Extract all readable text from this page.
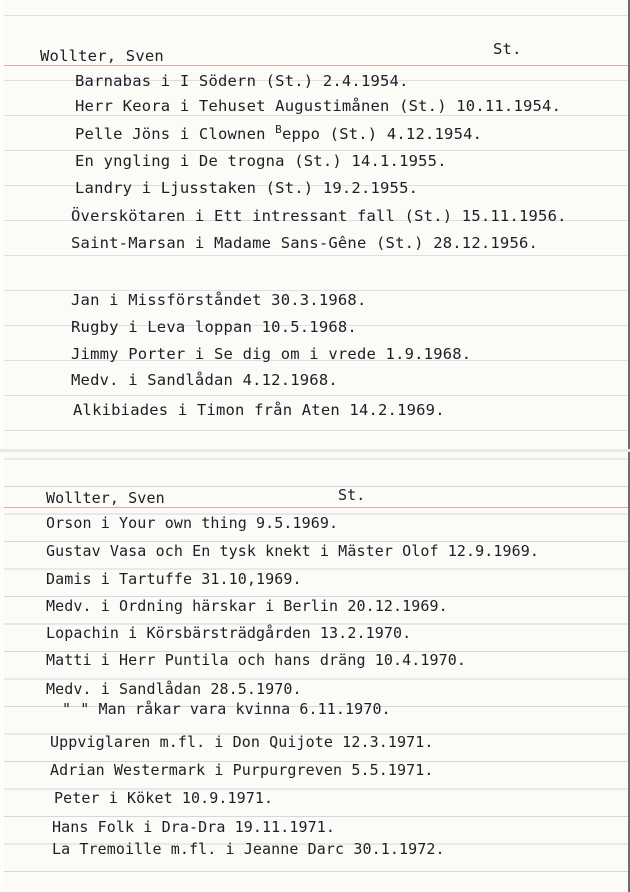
Wollter, Sven	St.
Barnabas i I Södern (St.) 2.4.1954.
Herr Keora i Tehuset Augustimånen (St.) 10.11.1954.
Pelle Jöns i Clownen $^B$eppo (St.) 4.12.1954.
En yngling i De trogna (St.) 14.1.1955.
Landry i Ljusstaken (St.) 19.2.1955.
Överskötaren i Ett intressant fall (St.) 15.11.1956.
Saint-Marsan i Madame Sans-Gêne (St.) 28.12.1956.
Jan i Missförståndet 30.3.1968.
Rugby i Leva loppan 10.5.1968.
Jimmy Porter i Se dig om i vrede 1.9.1968.
Medv. i Sandlådan 4.12.1968.
Alkibiades i Timon från Aten 14.2.1969.
Wollter, Sven	St.
Orson i Your own thing 9.5.1969.
Gustav Vasa och En tysk knekt i Mäster Olof 12.9.1969.
Damis i Tartuffe 31.10,1969.
Medv. i Ordning härskar i Berlin 20.12.1969.
Lopachin i Körsbärsträdgården 13.2.1970.
Matti i Herr Puntila och hans dräng 10.4.1970.
Medv. i Sandlådan 28.5.1970.
" " Man råkar vara kvinna 6.11.1970.
Uppviglaren m.fl. i Don Quijote 12.3.1971.
Adrian Westermark i Purpurgreven 5.5.1971.
Peter i Köket 10.9.1971.
Hans Folk i Dra-Dra 19.11.1971.
La Tremoille m.fl. i Jeanne Darc 30.1.1972.
